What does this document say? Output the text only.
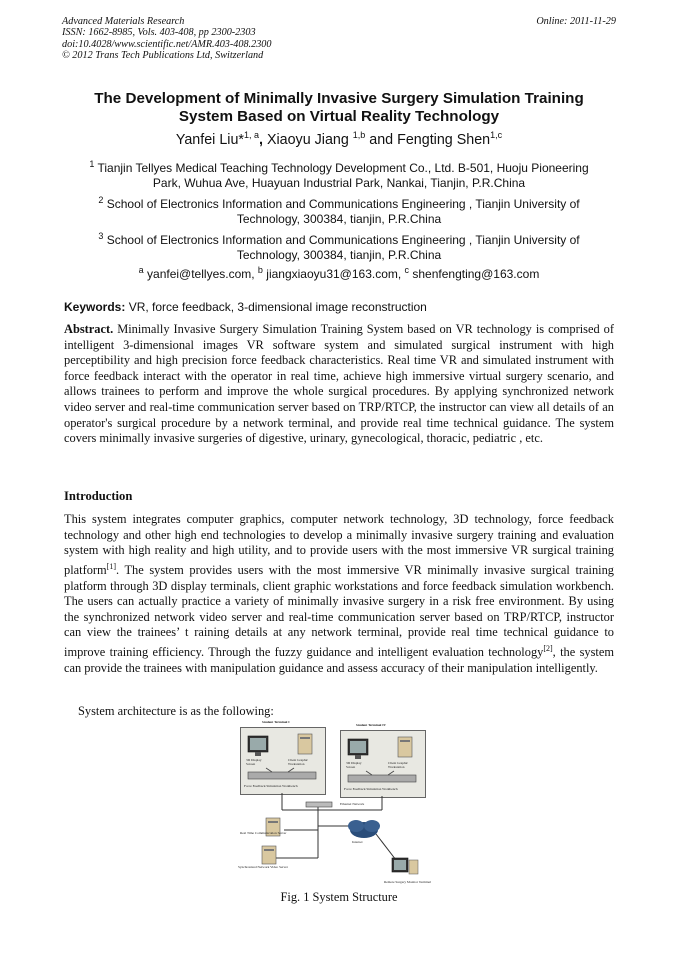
Advanced Materials Research
ISSN: 1662-8985, Vols. 403-408, pp 2300-2303
doi:10.4028/www.scientific.net/AMR.403-408.2300
© 2012 Trans Tech Publications Ltd, Switzerland
Online: 2011-11-29
The Development of Minimally Invasive Surgery Simulation Training
System Based on Virtual Reality Technology
Yanfei Liu*$^{1, a}$, Xiaoyu Jiang $^{1,b}$ and Fengting Shen$^{1,c}$
$^1$ Tianjin Tellyes Medical Teaching Technology Development Co., Ltd. B-501, Huoju Pioneering
Park, Wuhua Ave, Huayuan Industrial Park, Nankai, Tianjin, P.R.China
$^2$ School of Electronics Information and Communications Engineering , Tianjin University of
Technology, 300384, tianjin, P.R.China
$^3$ School of Electronics Information and Communications Engineering , Tianjin University of
Technology, 300384, tianjin, P.R.China
$^a$ yanfei@tellyes.com, $^b$ jiangxiaoyu31@163.com, $^c$ shenfengting@163.com
Keywords: VR, force feedback, 3-dimensional image reconstruction
Abstract. Minimally Invasive Surgery Simulation Training System based on VR technology is comprised of intelligent 3-dimensional images VR software system and simulated surgical instrument with high perceptibility and high precision force feedback characteristics. Real time VR and simulated instrument with force feedback interact with the operator in real time, achieve high immersive virtual surgery scenario, and allows trainees to perform and improve the whole surgical procedures. By applying synchronized network video server and real-time communication server based on TRP/RTCP, the instructor can view all details of an operator's surgical procedure by a network terminal, and provide real time technical guidance. The system covers minimally invasive surgeries of digestive, urinary, gynecological, thoracic, pediatric , etc.
Introduction
This system integrates computer graphics, computer network technology, 3D technology, force feedback technology and other high end technologies to develop a minimally invasive surgery training and evaluation system with high reality and high utility, and to provide users with the most immersive VR surgical training platform[1]. The system provides users with the most immersive VR minimally invasive surgical training platform through 3D display terminals, client graphic workstations and force feedback simulation workbench. The users can actually practice a variety of minimally invasive surgery in a risk free environment. By using the synchronized network video server and real-time communication server based on TRP/RTCP, instructor can view the trainees’ t raining details at any network terminal, provide real time technical guidance to improve training efficiency. Through the fuzzy guidance and intelligent evaluation technology[2], the system can provide the trainees with manipulation guidance and assess accuracy of their manipulation intelligently.
System architecture is as the following:
Student Terminal I
Student Terminal IV
3D Display Screen
Client Graphic Workstation
Force Feedback Simulation Workbench
3D Display Screen
Client Graphic Workstation
Force Feedback Simulation Workbench
Ethernet Network
Real Time Communication Server
Synchronized Network Video Server
Internet
Remote Surgery Monitor Terminal
Fig. 1 System Structure
